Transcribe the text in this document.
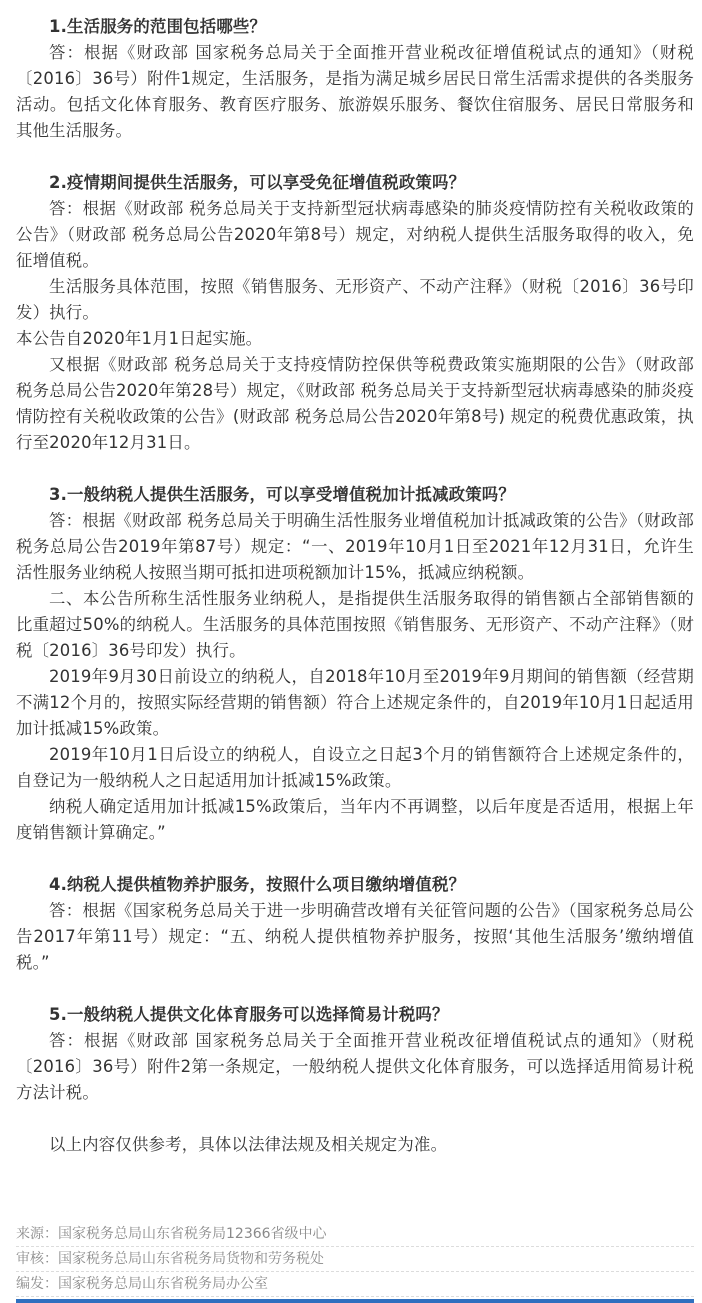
1.生活服务的范围包括哪些？

答：根据《财政部 国家税务总局关于全面推开营业税改征增值税试点的通知》（财税〔2016〕36号）附件1规定，生活服务，是指为满足城乡居民日常生活需求提供的各类服务活动。包括文化体育服务、教育医疗服务、旅游娱乐服务、餐饮住宿服务、居民日常服务和其他生活服务。

2.疫情期间提供生活服务，可以享受免征增值税政策吗？

答：根据《财政部 税务总局关于支持新型冠状病毒感染的肺炎疫情防控有关税收政策的公告》（财政部 税务总局公告2020年第8号）规定，对纳税人提供生活服务取得的收入，免征增值税。

生活服务具体范围，按照《销售服务、无形资产、不动产注释》（财税〔2016〕36号印发）执行。

本公告自2020年1月1日起实施。

又根据《财政部 税务总局关于支持疫情防控保供等税费政策实施期限的公告》（财政部 税务总局公告2020年第28号）规定，《财政部 税务总局关于支持新型冠状病毒感染的肺炎疫情防控有关税收政策的公告》(财政部 税务总局公告2020年第8号) 规定的税费优惠政策，执行至2020年12月31日。

3.一般纳税人提供生活服务，可以享受增值税加计抵减政策吗？

答：根据《财政部 税务总局关于明确生活性服务业增值税加计抵减政策的公告》（财政部 税务总局公告2019年第87号）规定：“一、2019年10月1日至2021年12月31日，允许生活性服务业纳税人按照当期可抵扣进项税额加计15%，抵减应纳税额。

二、本公告所称生活性服务业纳税人，是指提供生活服务取得的销售额占全部销售额的比重超过50%的纳税人。生活服务的具体范围按照《销售服务、无形资产、不动产注释》（财税〔2016〕36号印发）执行。

2019年9月30日前设立的纳税人，自2018年10月至2019年9月期间的销售额（经营期不满12个月的，按照实际经营期的销售额）符合上述规定条件的，自2019年10月1日起适用加计抵减15%政策。

2019年10月1日后设立的纳税人，自设立之日起3个月的销售额符合上述规定条件的，自登记为一般纳税人之日起适用加计抵减15%政策。

纳税人确定适用加计抵减15%政策后，当年内不再调整，以后年度是否适用，根据上年度销售额计算确定。”

4.纳税人提供植物养护服务，按照什么项目缴纳增值税？

答：根据《国家税务总局关于进一步明确营改增有关征管问题的公告》（国家税务总局公告2017年第11号）规定：“五、纳税人提供植物养护服务，按照‘其他生活服务’缴纳增值税。”

5.一般纳税人提供文化体育服务可以选择简易计税吗？

答：根据《财政部 国家税务总局关于全面推开营业税改征增值税试点的通知》（财税〔2016〕36号）附件2第一条规定，一般纳税人提供文化体育服务，可以选择适用简易计税方法计税。

以上内容仅供参考，具体以法律法规及相关规定为准。

来源：国家税务总局山东省税务局12366省级中心
审核：国家税务总局山东省税务局货物和劳务税处
编发：国家税务总局山东省税务局办公室
